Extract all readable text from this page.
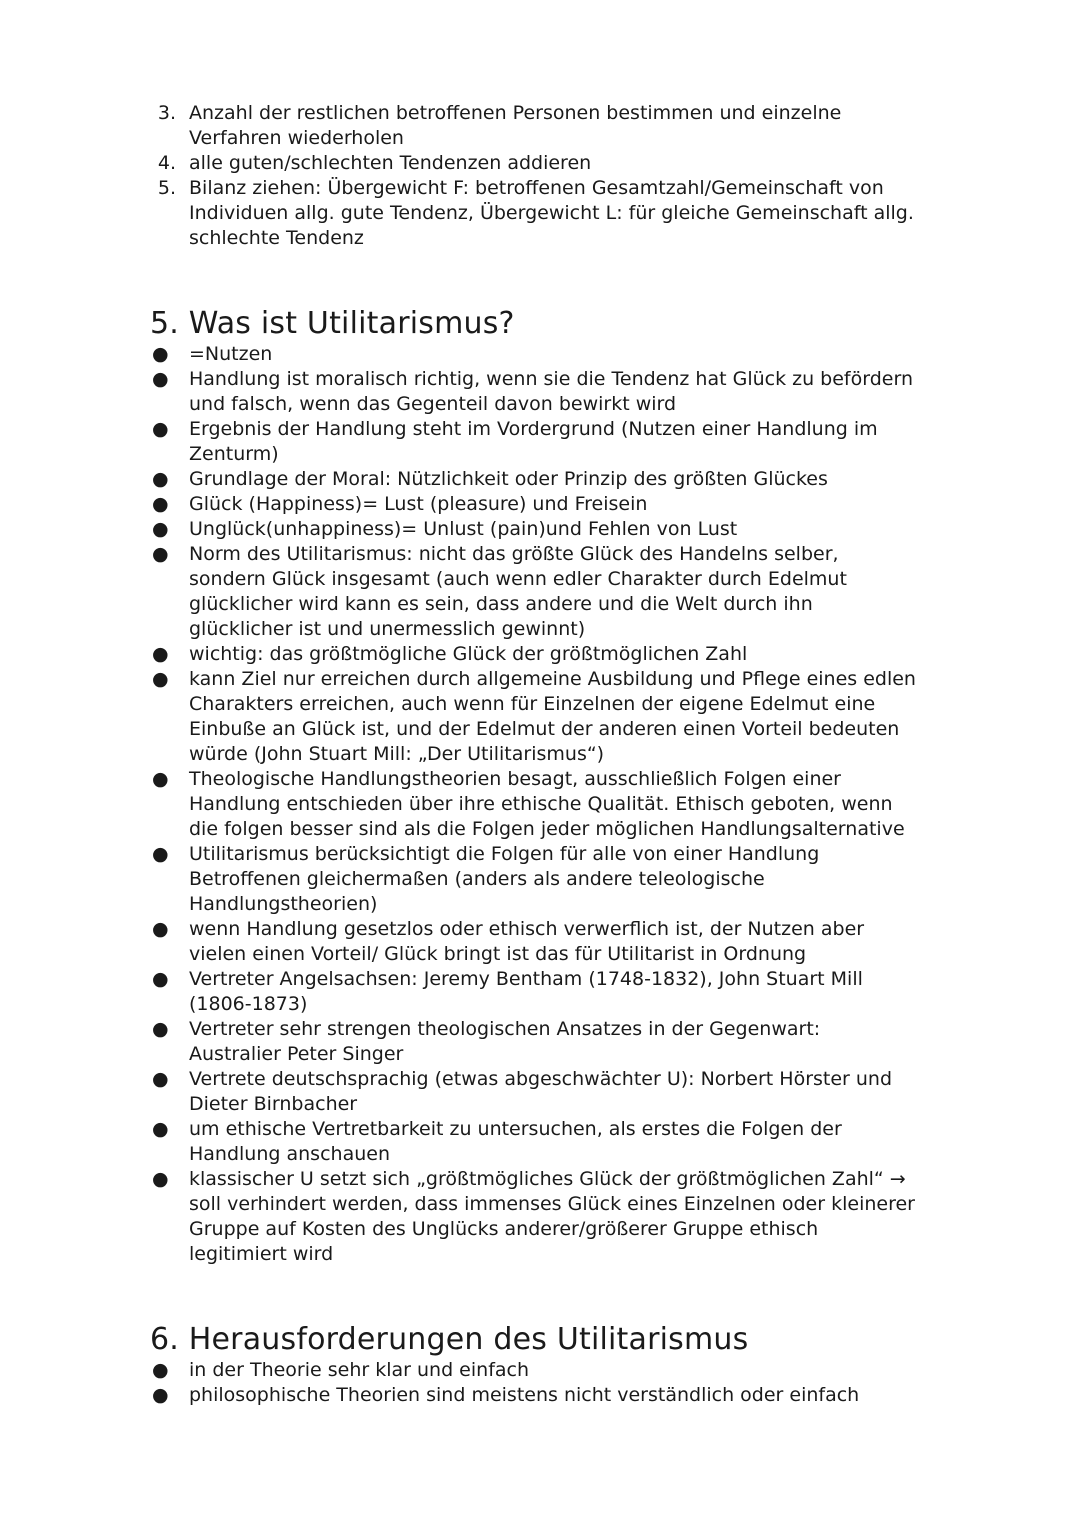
3. Anzahl der restlichen betroffenen Personen bestimmen und einzelne
Verfahren wiederholen
4. alle guten/schlechten Tendenzen addieren
5. Bilanz ziehen: Übergewicht F: betroffenen Gesamtzahl/Gemeinschaft von
Individuen allg. gute Tendenz, Übergewicht L: für gleiche Gemeinschaft allg.
schlechte Tendenz
5. Was ist Utilitarismus?
●	=Nutzen
●	Handlung ist moralisch richtig, wenn sie die Tendenz hat Glück zu befördern
und falsch, wenn das Gegenteil davon bewirkt wird
●	Ergebnis der Handlung steht im Vordergrund (Nutzen einer Handlung im
Zenturm)
●	Grundlage der Moral: Nützlichkeit oder Prinzip des größten Glückes
●	Glück (Happiness)= Lust (pleasure) und Freisein
●	Unglück(unhappiness)= Unlust (pain)und Fehlen von Lust
●	Norm des Utilitarismus: nicht das größte Glück des Handelns selber,
sondern Glück insgesamt (auch wenn edler Charakter durch Edelmut
glücklicher wird kann es sein, dass andere und die Welt durch ihn
glücklicher ist und unermesslich gewinnt)
●	wichtig: das größtmögliche Glück der größtmöglichen Zahl
●	kann Ziel nur erreichen durch allgemeine Ausbildung und Pflege eines edlen
Charakters erreichen, auch wenn für Einzelnen der eigene Edelmut eine
Einbuße an Glück ist, und der Edelmut der anderen einen Vorteil bedeuten
würde (John Stuart Mill: „Der Utilitarismus“)
●	Theologische Handlungstheorien besagt, ausschließlich Folgen einer
Handlung entschieden über ihre ethische Qualität. Ethisch geboten, wenn
die folgen besser sind als die Folgen jeder möglichen Handlungsalternative
●	Utilitarismus berücksichtigt die Folgen für alle von einer Handlung
Betroffenen gleichermaßen (anders als andere teleologische
Handlungstheorien)
●	wenn Handlung gesetzlos oder ethisch verwerflich ist, der Nutzen aber
vielen einen Vorteil/ Glück bringt ist das für Utilitarist in Ordnung
●	Vertreter Angelsachsen: Jeremy Bentham (1748-1832), John Stuart Mill
(1806-1873)
●	Vertreter sehr strengen theologischen Ansatzes in der Gegenwart:
Australier Peter Singer
●	Vertrete deutschsprachig (etwas abgeschwächter U): Norbert Hörster und
Dieter Birnbacher
●	um ethische Vertretbarkeit zu untersuchen, als erstes die Folgen der
Handlung anschauen
●	klassischer U setzt sich „größtmögliches Glück der größtmöglichen Zahl“ →
soll verhindert werden, dass immenses Glück eines Einzelnen oder kleinerer
Gruppe auf Kosten des Unglücks anderer/größerer Gruppe ethisch
legitimiert wird
6. Herausforderungen des Utilitarismus
●	in der Theorie sehr klar und einfach
●	philosophische Theorien sind meistens nicht verständlich oder einfach
